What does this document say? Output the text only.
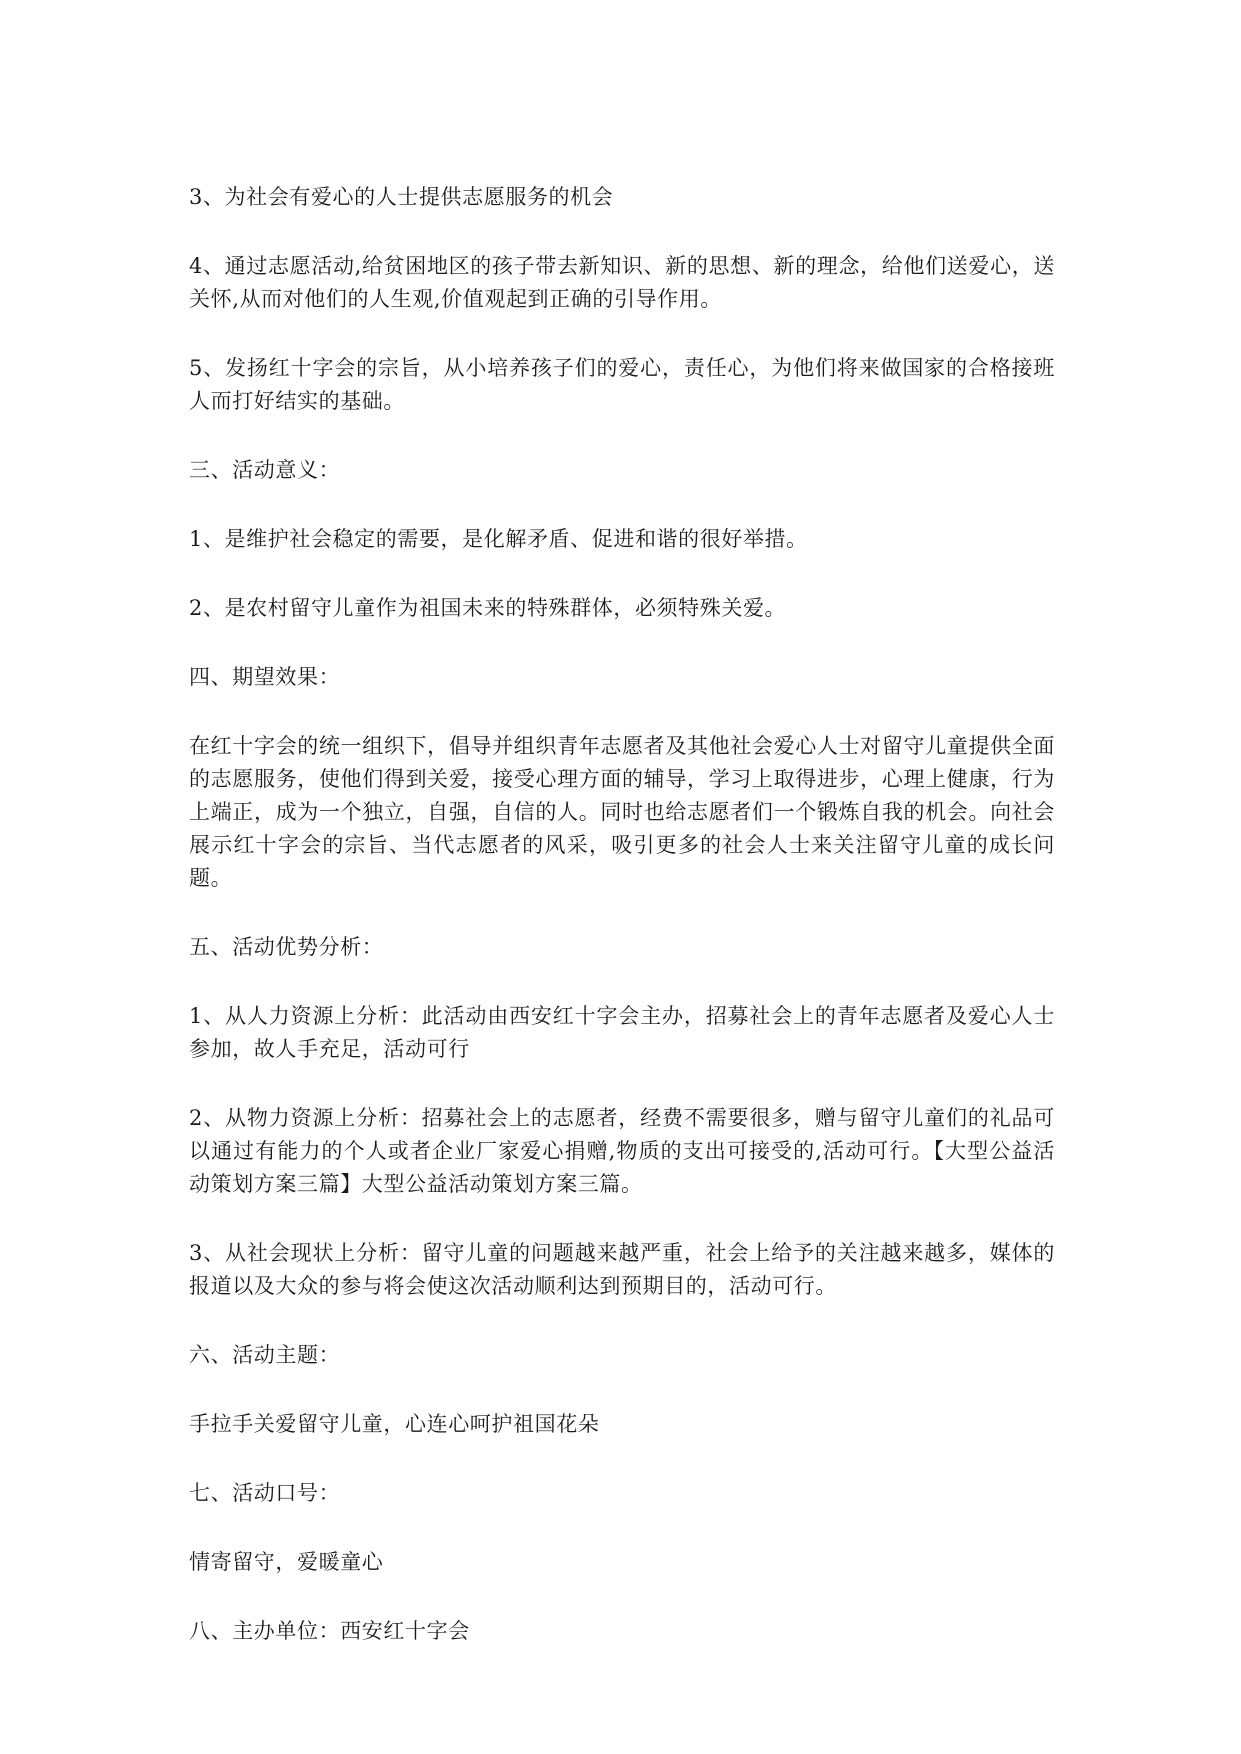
3、为社会有爱心的人士提供志愿服务的机会

4、通过志愿活动,给贫困地区的孩子带去新知识、新的思想、新的理念，给他们送爱心，送关怀,从而对他们的人生观,价值观起到正确的引导作用。

5、发扬红十字会的宗旨，从小培养孩子们的爱心，责任心，为他们将来做国家的合格接班人而打好结实的基础。

三、活动意义：

1、是维护社会稳定的需要，是化解矛盾、促进和谐的很好举措。

2、是农村留守儿童作为祖国未来的特殊群体，必须特殊关爱。

四、期望效果：

在红十字会的统一组织下，倡导并组织青年志愿者及其他社会爱心人士对留守儿童提供全面的志愿服务，使他们得到关爱，接受心理方面的辅导，学习上取得进步，心理上健康，行为上端正，成为一个独立，自强，自信的人。同时也给志愿者们一个锻炼自我的机会。向社会展示红十字会的宗旨、当代志愿者的风采，吸引更多的社会人士来关注留守儿童的成长问题。

五、活动优势分析：

1、从人力资源上分析：此活动由西安红十字会主办，招募社会上的青年志愿者及爱心人士参加，故人手充足，活动可行

2、从物力资源上分析：招募社会上的志愿者，经费不需要很多，赠与留守儿童们的礼品可以通过有能力的个人或者企业厂家爱心捐赠,物质的支出可接受的,活动可行。【大型公益活动策划方案三篇】大型公益活动策划方案三篇。

3、从社会现状上分析：留守儿童的问题越来越严重，社会上给予的关注越来越多，媒体的报道以及大众的参与将会使这次活动顺利达到预期目的，活动可行。

六、活动主题：

手拉手关爱留守儿童，心连心呵护祖国花朵

七、活动口号：

情寄留守，爱暖童心

八、主办单位：西安红十字会
